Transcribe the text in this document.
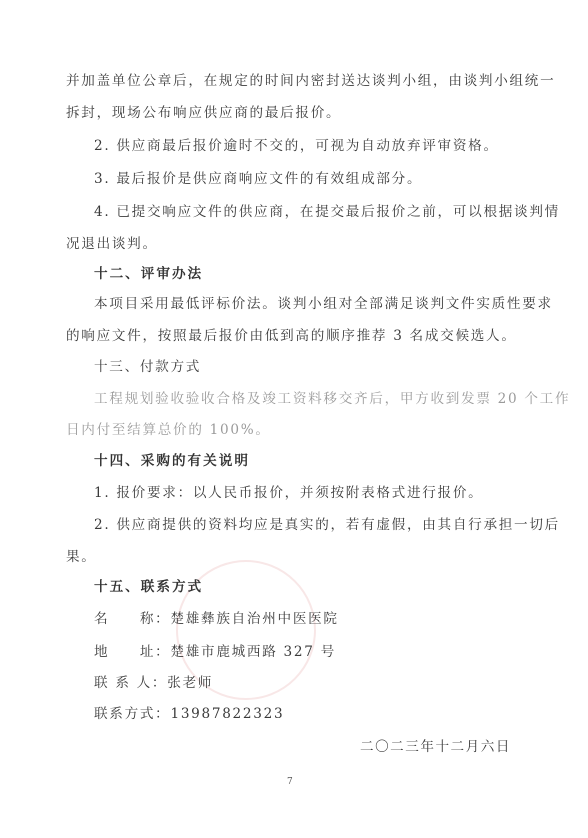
并加盖单位公章后，在规定的时间内密封送达谈判小组，由谈判小组统一
拆封，现场公布响应供应商的最后报价。
2. 供应商最后报价逾时不交的，可视为自动放弃评审资格。
3. 最后报价是供应商响应文件的有效组成部分。
4. 已提交响应文件的供应商，在提交最后报价之前，可以根据谈判情
况退出谈判。
十二、评审办法
本项目采用最低评标价法。谈判小组对全部满足谈判文件实质性要求
的响应文件，按照最后报价由低到高的顺序推荐 3 名成交候选人。
十三、付款方式
工程规划验收验收合格及竣工资料移交齐后，甲方收到发票 20 个工作
日内付至结算总价的 100%。
十四、采购的有关说明
1. 报价要求：以人民币报价，并须按附表格式进行报价。
2. 供应商提供的资料均应是真实的，若有虚假，由其自行承担一切后
果。
十五、联系方式
名　　称：楚雄彝族自治州中医医院
地　　址：楚雄市鹿城西路 327 号
联 系 人：张老师
联系方式：13987822323
二〇二三年十二月六日
7
